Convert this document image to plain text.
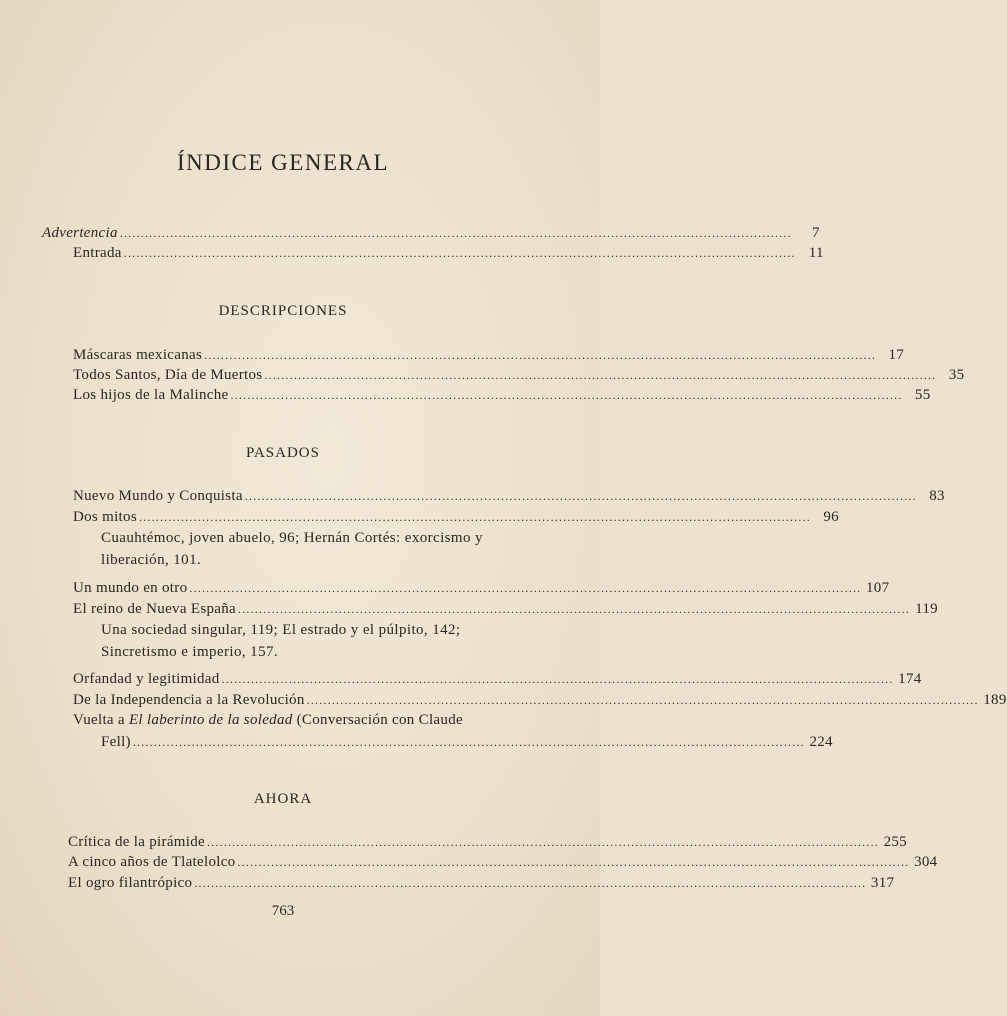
ÍNDICE GENERAL
Advertencia ................................................................................................................................................................	7
Entrada ................................................................................................................................................................ 11
DESCRIPCIONES
Máscaras mexicanas ................................................................................................................................................................ 17
Todos Santos, Día de Muertos ................................................................................................................................................................ 35
Los hijos de la Malinche ................................................................................................................................................................ 55
PASADOS
Nuevo Mundo y Conquista ................................................................................................................................................................ 83
Dos mitos ................................................................................................................................................................ 96
Cuauhtémoc, joven abuelo, 96; Hernán Cortés: exorcismo y liberación, 101.
Un mundo en otro ................................................................................................................................................................ 107
El reino de Nueva España ................................................................................................................................................................ 119
Una sociedad singular, 119; El estrado y el púlpito, 142; Sincretismo e imperio, 157.
Orfandad y legitimidad ................................................................................................................................................................ 174
De la Independencia a la Revolución ................................................................................................................................................................ 189
Vuelta a El laberinto de la soledad (Conversación con Claude
Fell) ................................................................................................................................................................ 224
AHORA
Crítica de la pirámide ................................................................................................................................................................ 255
A cinco años de Tlatelolco ................................................................................................................................................................ 304
El ogro filantrópico ................................................................................................................................................................ 317
763
